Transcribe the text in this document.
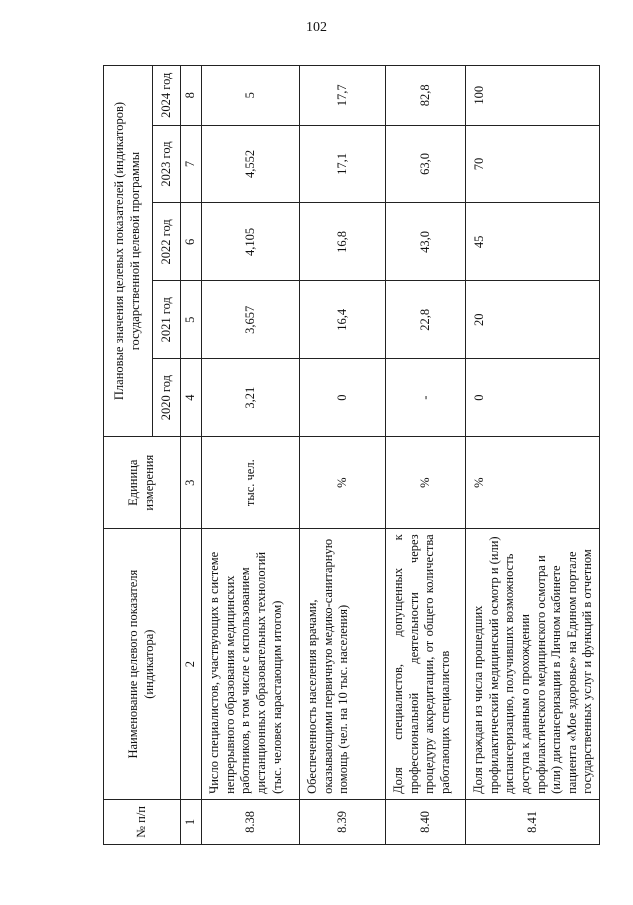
102
№ п/п	Наименование целевого показателя (индикатора)	Единица измерения	Плановые значения целевых показателей (индикаторов) государственной целевой программы				
			2020 год	2021 год	2022 год	2023 год	2024 год
1	2	3	4	5	6	7	8
8.38	Число специалистов, участвующих в системе непрерывного образования медицинских работников, в том числе с использованием дистанционных образовательных технологий (тыс. человек нарастающим итогом)	тыс. чел.	3,21	3,657	4,105	4,552	5
8.39	Обеспеченность населения врачами, оказывающими первичную медико-санитарную помощь (чел. на 10 тыс. населения)	%	0	16,4	16,8	17,1	17,7
8.40	Доля специалистов, допущенных к профессиональной деятельности через процедуру аккредитации, от общего количества работающих специалистов	%	-	22,8	43,0	63,0	82,8
8.41	Доля граждан из числа прошедших профилактический медицинский осмотр и (или) диспансеризацию, получивших возможность доступа к данным о прохождении профилактического медицинского осмотра и (или) диспансеризации в Личном кабинете пациента «Мое здоровье» на Едином портале государственных услуг и функций в отчетном	%	0	20	45	70	100
